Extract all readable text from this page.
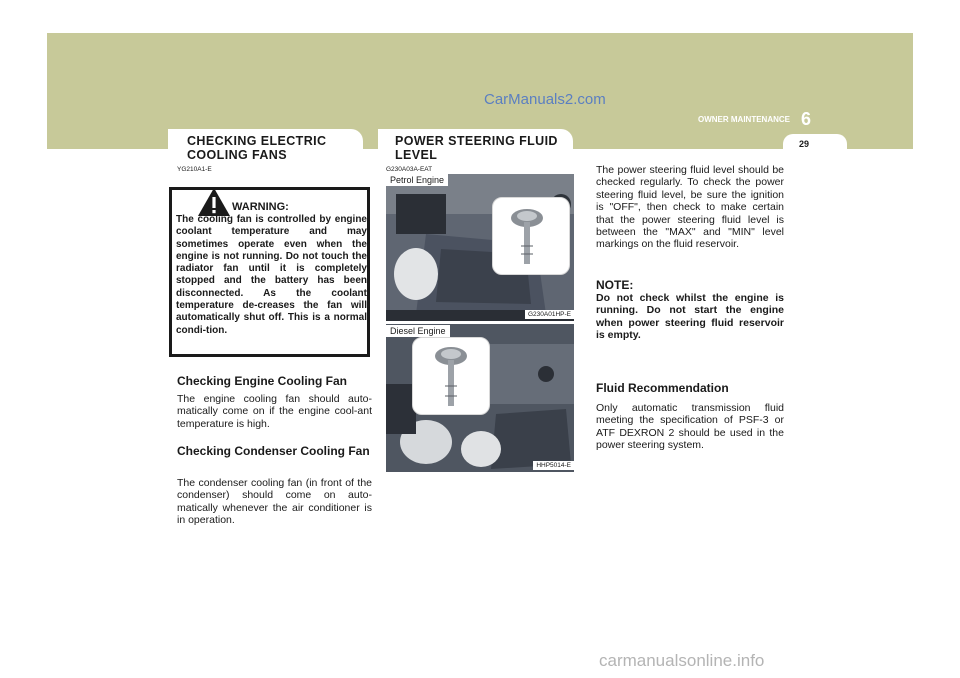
CarManuals2.com
6
OWNER MAINTENANCE
29
CHECKING ELECTRIC
COOLING FANS
YG210A1-E
WARNING:
The cooling fan is controlled by engine coolant temperature and may sometimes operate even when the engine is not running. Do not touch the radiator fan until it is completely stopped and the battery has been disconnected. As the coolant temperature de-creases the fan will automatically shut off. This is a normal condi-tion.
Checking Engine Cooling Fan
The engine cooling fan should auto-matically come on if the engine cool-ant temperature is high.
Checking Condenser Cooling Fan
The condenser cooling fan (in front of the condenser) should come on auto-matically whenever the air conditioner is in operation.
POWER STEERING FLUID
LEVEL
G230A03A-EAT
Petrol Engine
G230A01HP-E
Diesel Engine
HHP5014-E
The power steering fluid level should be checked regularly. To check the power steering fluid level, be sure the ignition is "OFF", then check to make certain that the power steering fluid level is between the "MAX" and "MIN" level markings on the fluid reservoir.
NOTE:
Do not check whilst the engine is running. Do not start the engine when power steering fluid reservoir is empty.
Fluid Recommendation
Only automatic transmission fluid meeting the specification of PSF-3 or ATF DEXRON 2 should be used in the power steering system.
carmanualsonline.info
